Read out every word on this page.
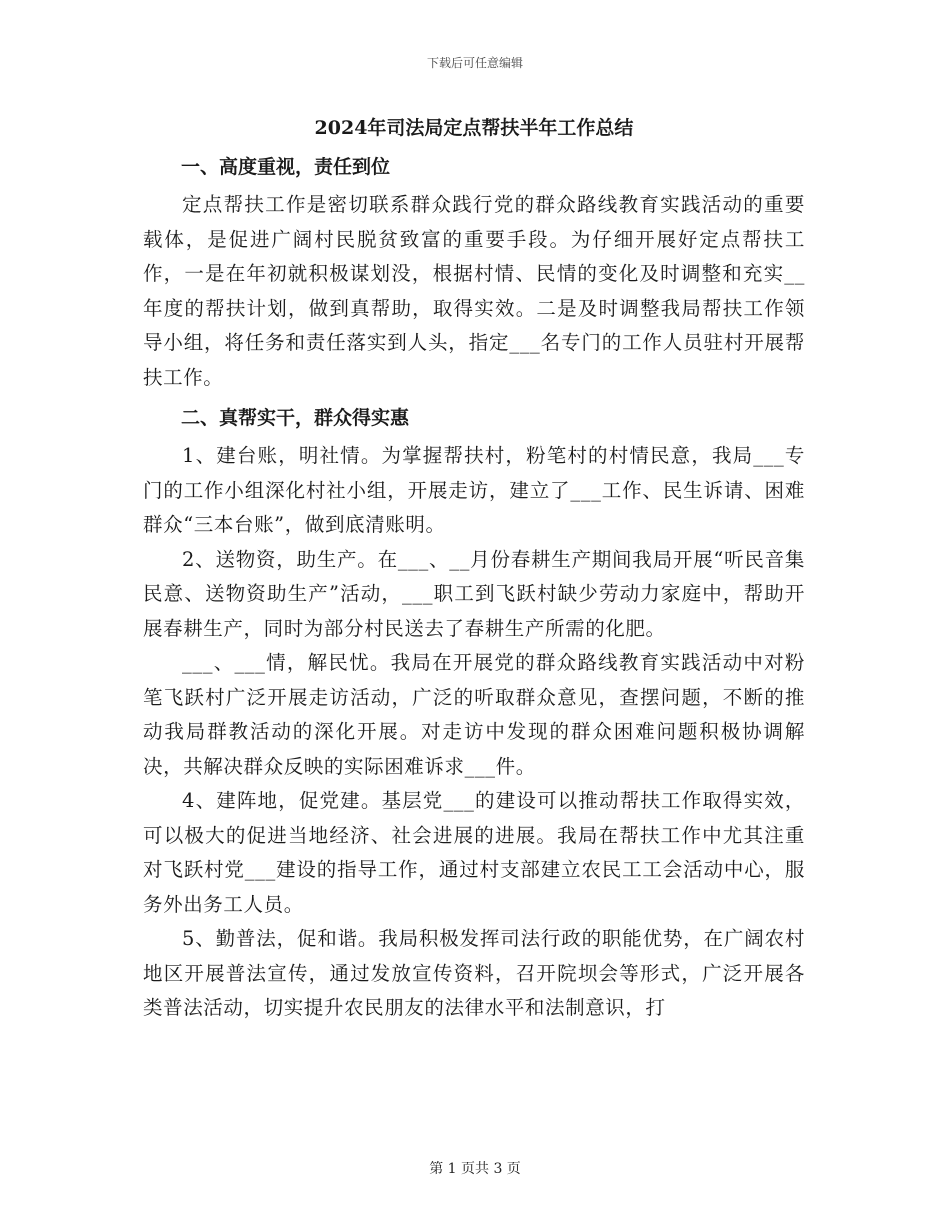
下载后可任意编辑
2024年司法局定点帮扶半年工作总结
一、高度重视，责任到位

定点帮扶工作是密切联系群众践行党的群众路线教育实践活动的重要载体，是促进广阔村民脱贫致富的重要手段。为仔细开展好定点帮扶工作，一是在年初就积极谋划没，根据村情、民情的变化及时调整和充实__年度的帮扶计划，做到真帮助，取得实效。二是及时调整我局帮扶工作领导小组，将任务和责任落实到人头，指定___名专门的工作人员驻村开展帮扶工作。

二、真帮实干，群众得实惠

1、建台账，明社情。为掌握帮扶村，粉笔村的村情民意，我局___专门的工作小组深化村社小组，开展走访，建立了___工作、民生诉请、困难群众“三本台账”，做到底清账明。

2、送物资，助生产。在___、__月份春耕生产期间我局开展“听民音集民意、送物资助生产”活动，___职工到飞跃村缺少劳动力家庭中，帮助开展春耕生产，同时为部分村民送去了春耕生产所需的化肥。

___、___情，解民忧。我局在开展党的群众路线教育实践活动中对粉笔飞跃村广泛开展走访活动，广泛的听取群众意见，查摆问题，不断的推动我局群教活动的深化开展。对走访中发现的群众困难问题积极协调解决，共解决群众反映的实际困难诉求___件。

4、建阵地，促党建。基层党___的建设可以推动帮扶工作取得实效，可以极大的促进当地经济、社会进展的进展。我局在帮扶工作中尤其注重对飞跃村党___建设的指导工作，通过村支部建立农民工工会活动中心，服务外出务工人员。

5、勤普法，促和谐。我局积极发挥司法行政的职能优势，在广阔农村地区开展普法宣传，通过发放宣传资料，召开院坝会等形式，广泛开展各类普法活动，切实提升农民朋友的法律水平和法制意识，打

第 1 页共 3 页
